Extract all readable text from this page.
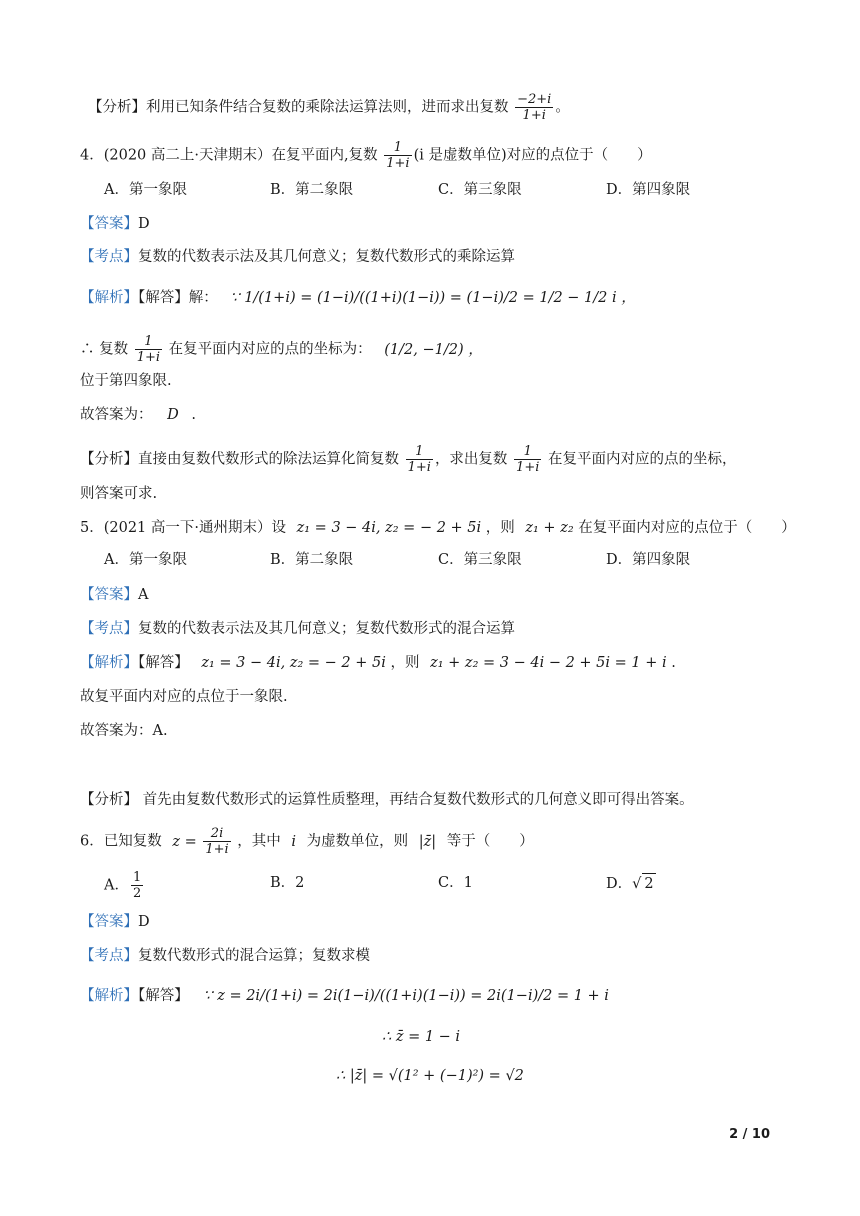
【分析】利用已知条件结合复数的乘除法运算法则，进而求出复数 $\frac{-2+i}{1+i}$ 。
4．(2020 高二上·天津期末）在复平面内,复数 $\frac{1}{1+i} (i$ 是虚数单位)对应的点位于（　　）
A．第一象限	B．第二象限	C．第三象限	D．第四象限
【答案】D
【考点】复数的代数表示法及其几何意义；复数代数形式的乘除运算
【解析】【解答】解： ∵ 1/(1+i) = (1−i)/((1+i)(1−i)) = (1−i)/2 = 1/2 − 1/2 i ，
∴ 复数 $\frac{1}{1+i}$ 在复平面内对应的点的坐标为： (1/2, −1/2) ，
位于第四象限.
故答案为： D .
【分析】直接由复数代数形式的除法运算化简复数 $\frac{1}{1+i}$ ，求出复数 $\frac{1}{1+i}$ 在复平面内对应的点的坐标，
则答案可求.
5．(2021 高一下·通州期末）设 z₁ = 3 − 4i, z₂ = − 2 + 5i ，则 z₁ + z₂ 在复平面内对应的点位于（　　）
A．第一象限	B．第二象限	C．第三象限	D．第四象限
【答案】A
【考点】复数的代数表示法及其几何意义；复数代数形式的混合运算
【解析】【解答】 z₁ = 3 − 4i, z₂ = − 2 + 5i ，则 z₁ + z₂ = 3 − 4i − 2 + 5i = 1 + i .
故复平面内对应的点位于一象限.
故答案为：A.
【分析】 首先由复数代数形式的运算性质整理，再结合复数代数形式的几何意义即可得出答案。
6．已知复数 $z = \frac{2i}{1+i}$ ，其中 i 为虚数单位，则 |z̄| 等于（　　）
A． $\frac{1}{2}$	B．2	C．1	D．√ 2
【答案】D
【考点】复数代数形式的混合运算；复数求模
【解析】【解答】 ∵ z = 2i/(1+i) = 2i(1−i)/((1+i)(1−i)) = 2i(1−i)/2 = 1 + i
∴ z̄ = 1 − i
∴ |z̄| = √(1² + (−1)²) = √2
2 / 10
